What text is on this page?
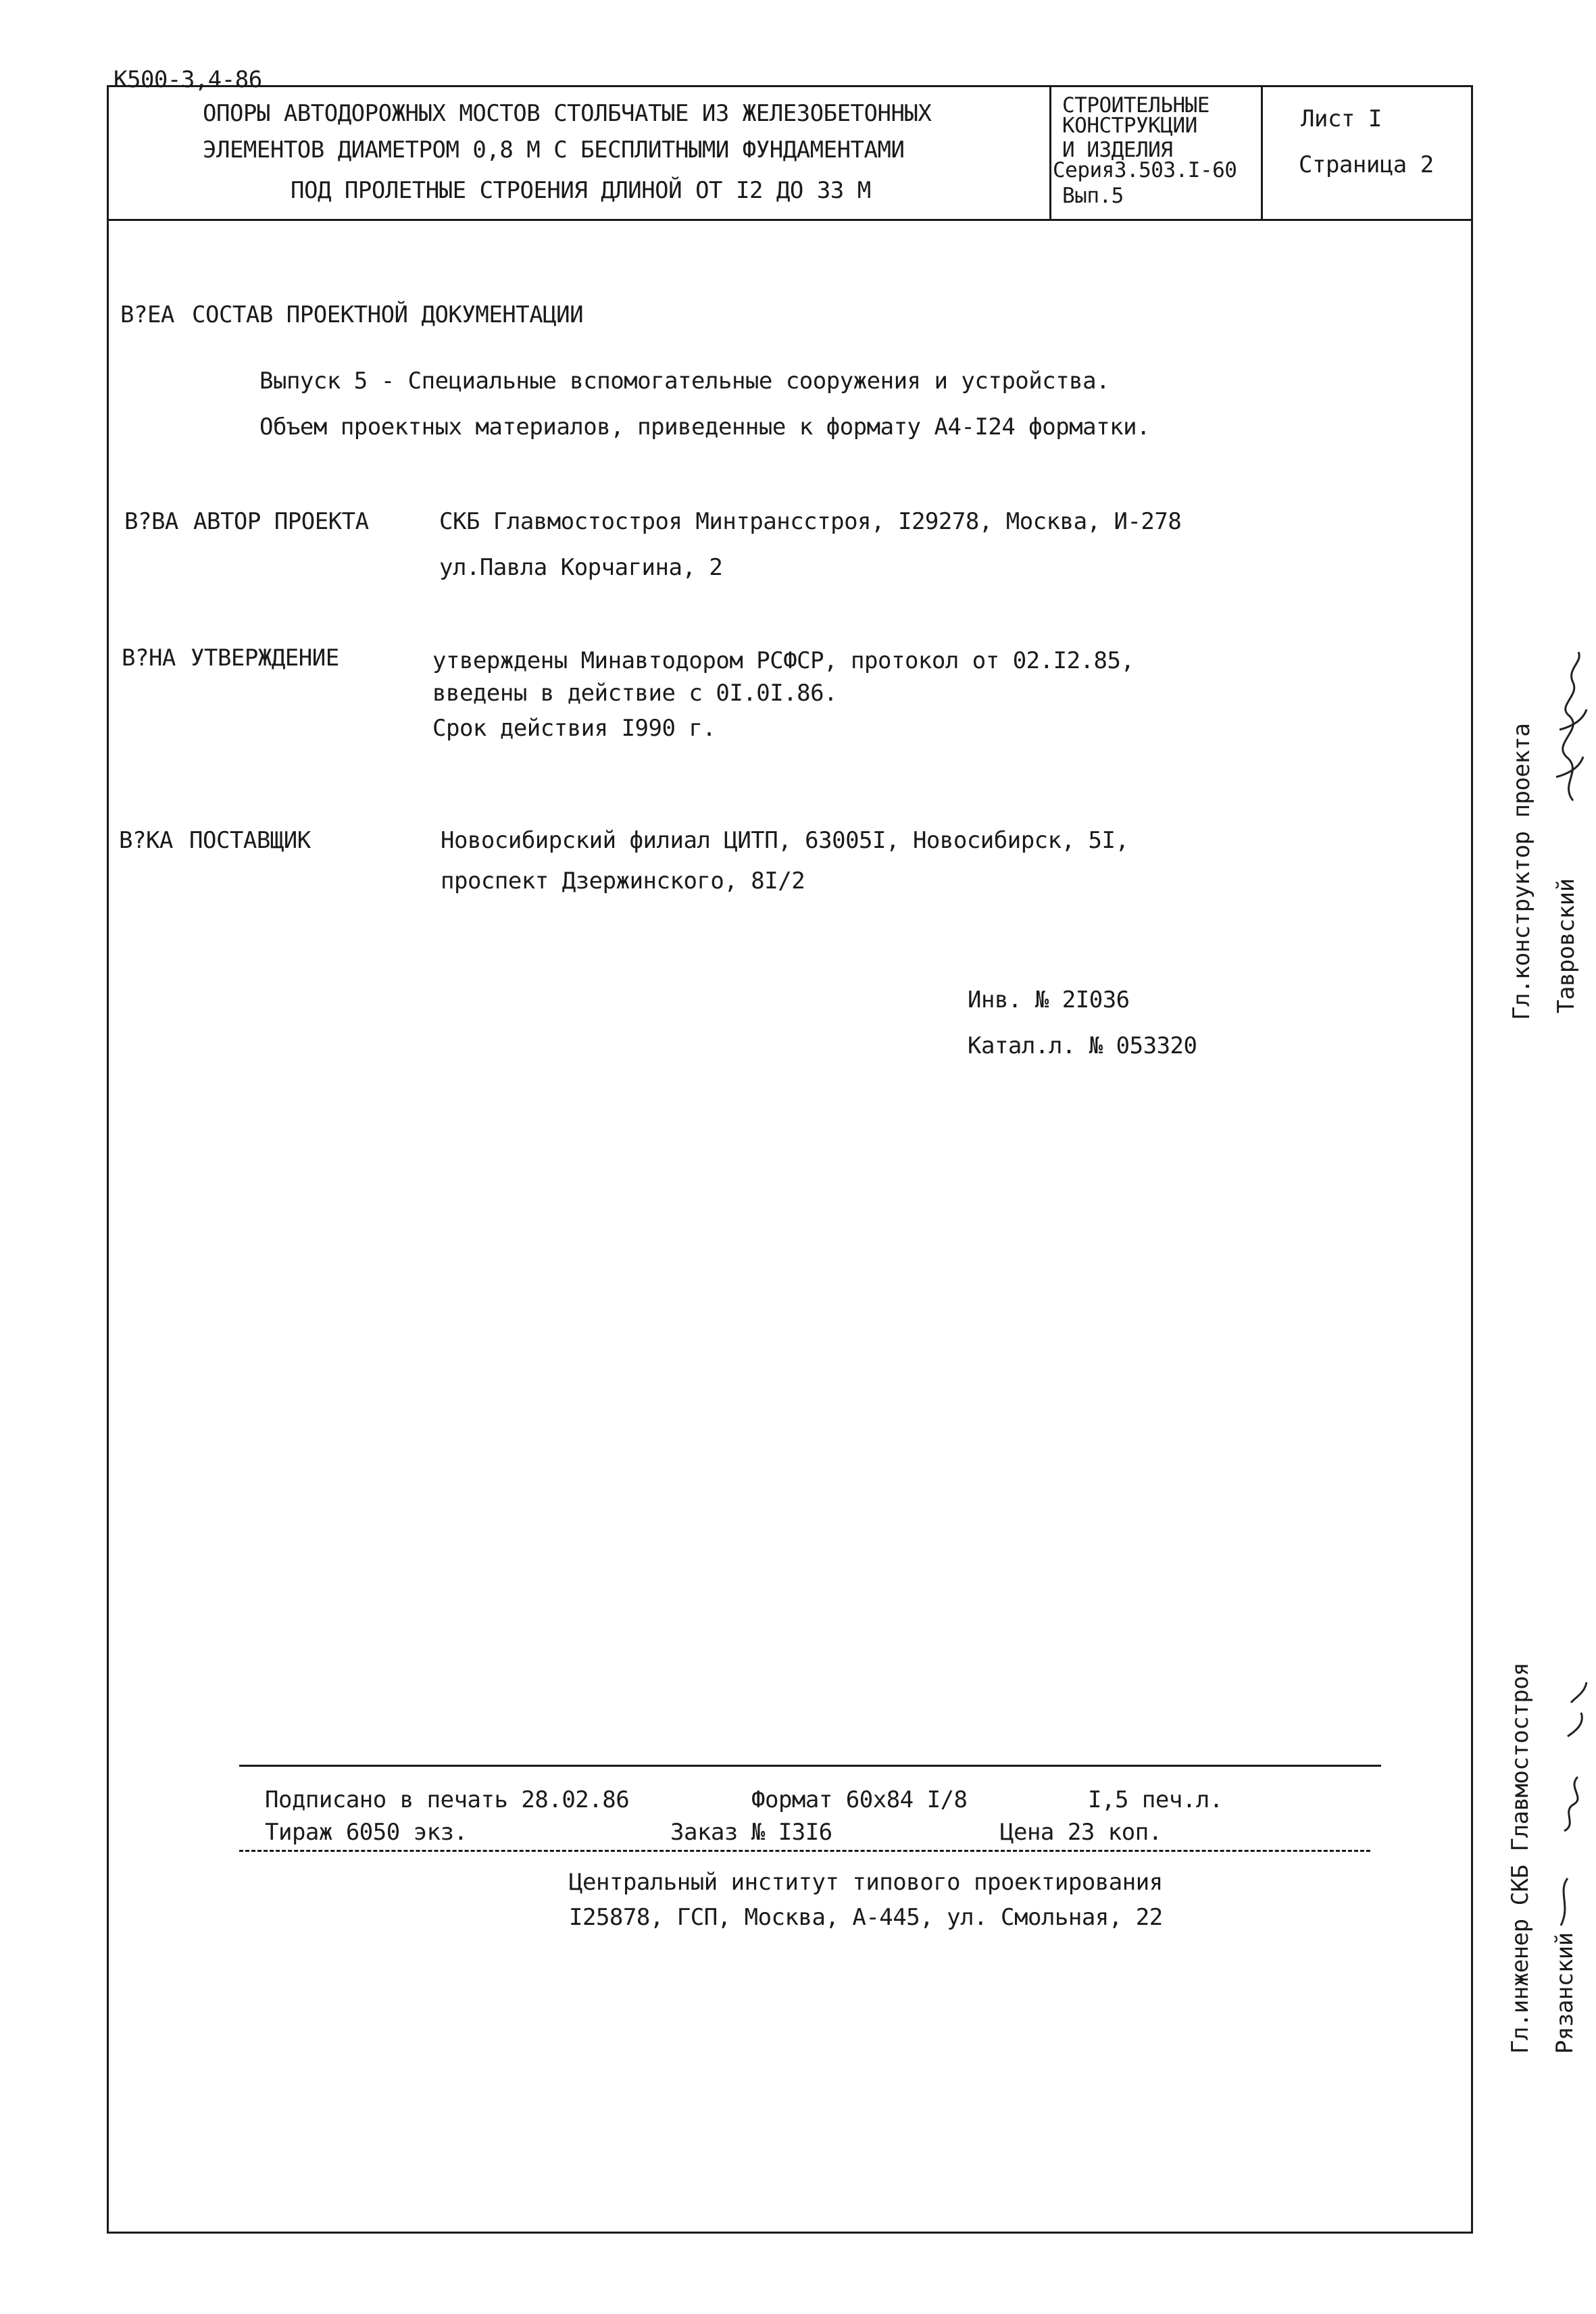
К500-3,4-86
ОПОРЫ АВТОДОРОЖНЫХ МОСТОВ СТОЛБЧАТЫЕ ИЗ ЖЕЛЕЗОБЕТОННЫХ
ЭЛЕМЕНТОВ ДИАМЕТРОМ 0,8 М С БЕСПЛИТНЫМИ ФУНДАМЕНТАМИ
ПОД ПРОЛЕТНЫЕ СТРОЕНИЯ ДЛИНОЙ ОТ I2 ДО 33 М
СТРОИТЕЛЬНЫЕ
КОНСТРУКЦИИ
И ИЗДЕЛИЯ
Серия3.503.I-60
Вып.5
Лист I
Страница 2
В?ЕА СОСТАВ ПРОЕКТНОЙ ДОКУМЕНТАЦИИ
Выпуск 5 - Специальные вспомогательные сооружения и устройства.
Объем проектных материалов, приведенные к формату А4-I24 форматки.
В?ВА АВТОР ПРОЕКТА	СКБ Главмостостроя Минтрансстроя, I29278, Москва, И-278
ул.Павла Корчагина, 2
В?НА УТВЕРЖДЕНИЕ	утверждены Минавтодором РСФСР, протокол от 02.I2.85,
введены в действие с 0I.0I.86.
Срок действия I990 г.
В?КА ПОСТАВЩИК	Новосибирский филиал ЦИТП, 63005I, Новосибирск, 5I,
проспект Дзержинского, 8I/2
Инв. № 2I036
Катал.л. № 053320
Гл.конструктор проекта Тавровский
Гл.инженер СКБ Главмостостроя Рязанский
Подписано в печать 28.02.86	Формат 60х84 I/8	I,5 печ.л.
Тираж 6050 экз.	Заказ № I3I6	Цена 23 коп.
Центральный институт типового проектирования
I25878, ГСП, Москва, А-445, ул. Смольная, 22
